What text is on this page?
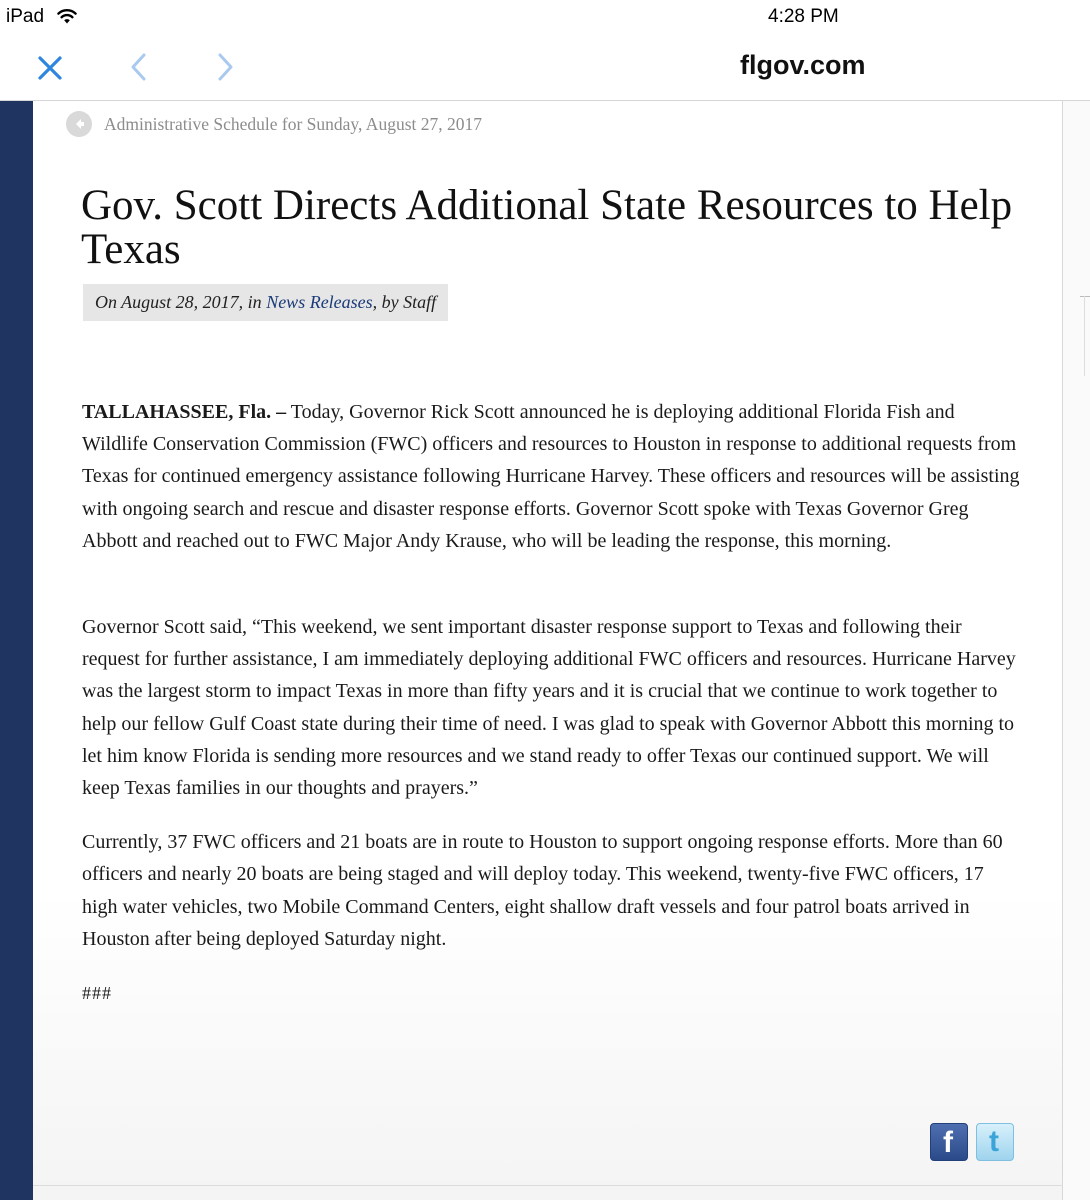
iPad	4:28 PM
flgov.com
Administrative Schedule for Sunday, August 27, 2017
Gov. Scott Directs Additional State Resources to Help Texas
On August 28, 2017, in News Releases , by Staff

TALLAHASSEE, Fla. – Today, Governor Rick Scott announced he is deploying additional Florida Fish and Wildlife Conservation Commission (FWC) officers and resources to Houston in response to additional requests from Texas for continued emergency assistance following Hurricane Harvey. These officers and resources will be assisting with ongoing search and rescue and disaster response efforts. Governor Scott spoke with Texas Governor Greg Abbott and reached out to FWC Major Andy Krause, who will be leading the response, this morning.

Governor Scott said, “This weekend, we sent important disaster response support to Texas and following their request for further assistance, I am immediately deploying additional FWC officers and resources. Hurricane Harvey was the largest storm to impact Texas in more than fifty years and it is crucial that we continue to work together to help our fellow Gulf Coast state during their time of need. I was glad to speak with Governor Abbott this morning to let him know Florida is sending more resources and we stand ready to offer Texas our continued support. We will keep Texas families in our thoughts and prayers.”

Currently, 37 FWC officers and 21 boats are in route to Houston to support ongoing response efforts. More than 60 officers and nearly 20 boats are being staged and will deploy today. This weekend, twenty-five FWC officers, 17 high water vehicles, two Mobile Command Centers, eight shallow draft vessels and four patrol boats arrived in Houston after being deployed Saturday night.

###

f t
